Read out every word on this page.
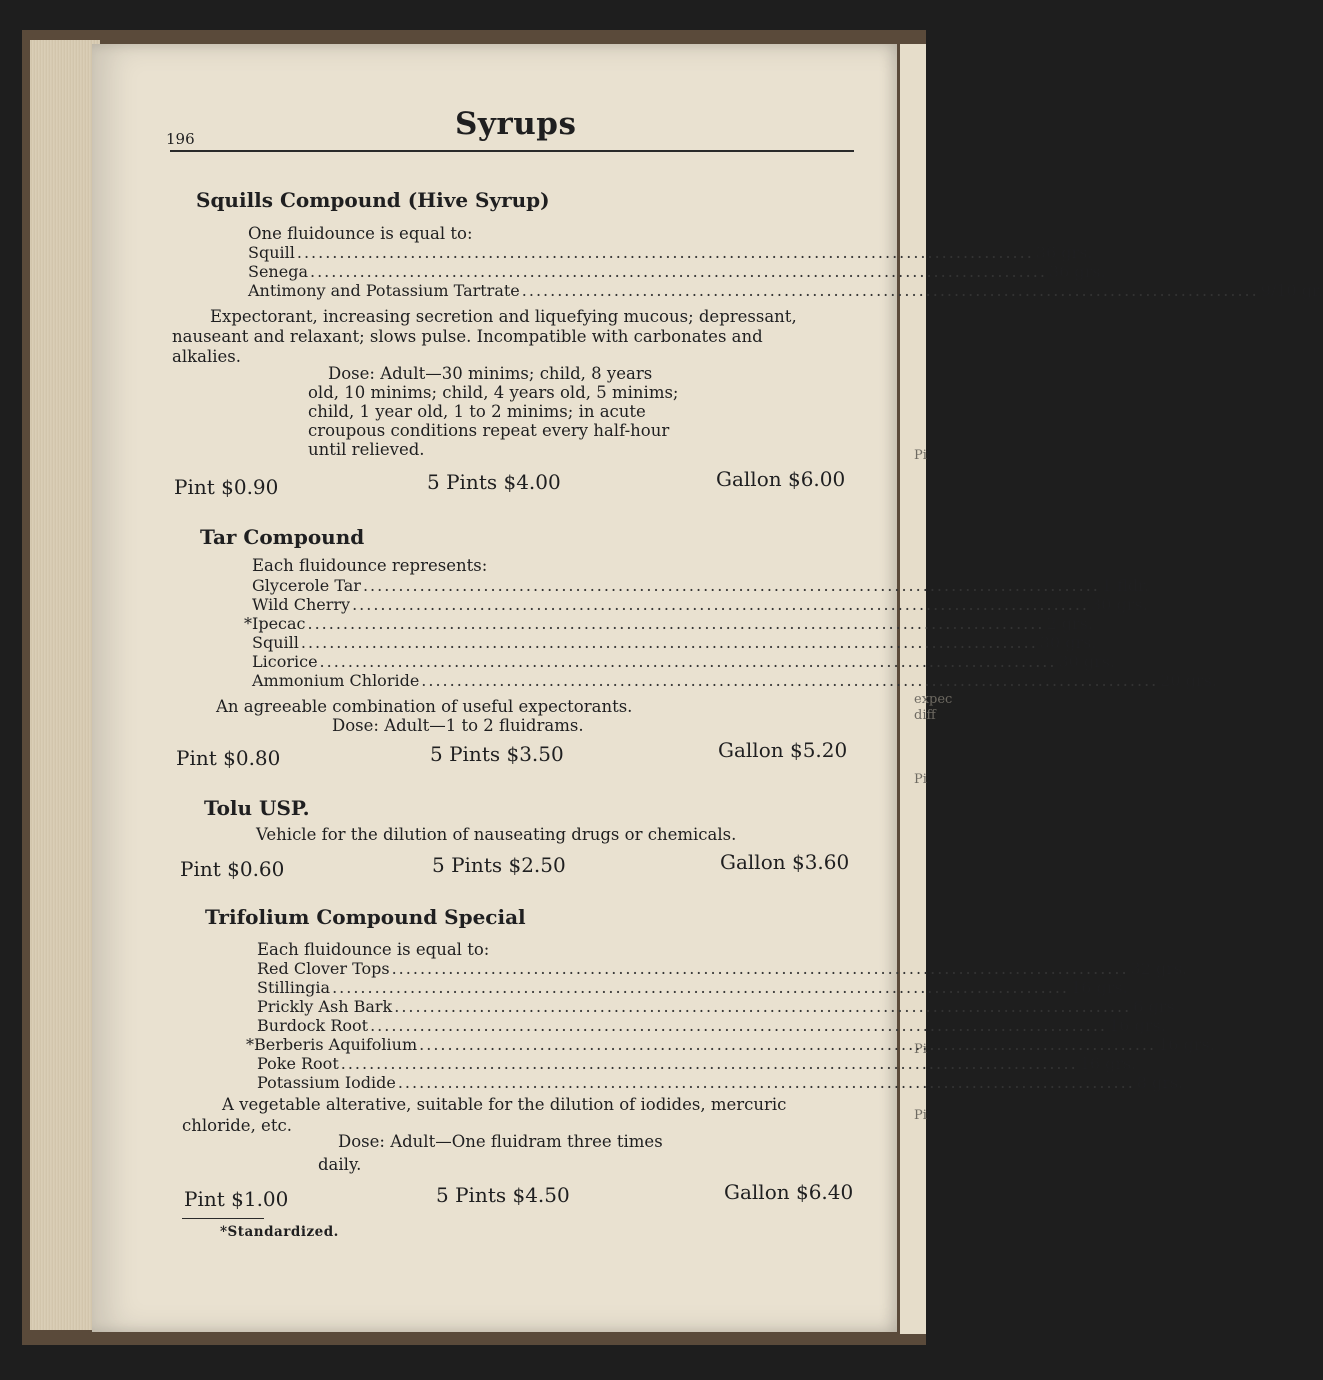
Pi
expec
diff
Pi
Pi
Pi
196	Syrups
Squills Compound (Hive Syrup)
One fluidounce is equal to:
Squill .....	36 grs.
Senega .....	36 grs.
Antimony and Potassium Tartrate .....	9/10 gr.
Expectorant, increasing secretion and liquefying mucous; depressant,
nauseant and relaxant; slows pulse. Incompatible with carbonates and
alkalies.
Dose: Adult—30 minims; child, 8 years
old, 10 minims; child, 4 years old, 5 minims;
child, 1 year old, 1 to 2 minims; in acute
croupous conditions repeat every half-hour
until relieved.
Pint $0.90	5 Pints $4.00	Gallon $6.00
Tar Compound
Each fluidounce represents:
Glycerole Tar .....	1 fldr.
Wild Cherry .....	30 grs.
*Ipecac .....	2 grs.
Squill .....	30 grs.
Licorice .....	30 grs.
Ammonium Chloride .....	20 grs.
An agreeable combination of useful expectorants.
Dose: Adult—1 to 2 fluidrams.
Pint $0.80	5 Pints $3.50	Gallon $5.20
Tolu USP.
Vehicle for the dilution of nauseating drugs or chemicals.
Pint $0.60	5 Pints $2.50	Gallon $3.60
Trifolium Compound Special
Each fluidounce is equal to:
Red Clover Tops .....	32 grs.
Stillingia .....	16 grs.
Prickly Ash Bark .....	6 grs.
Burdock Root .....	16 grs.
*Berberis Aquifolium .....	16 grs.
Poke Root .....	16 grs.
Potassium Iodide .....	8 grs.
A vegetable alterative, suitable for the dilution of iodides, mercuric
chloride, etc.
Dose: Adult—One fluidram three times
daily.
Pint $1.00	5 Pints $4.50	Gallon $6.40
*Standardized.
